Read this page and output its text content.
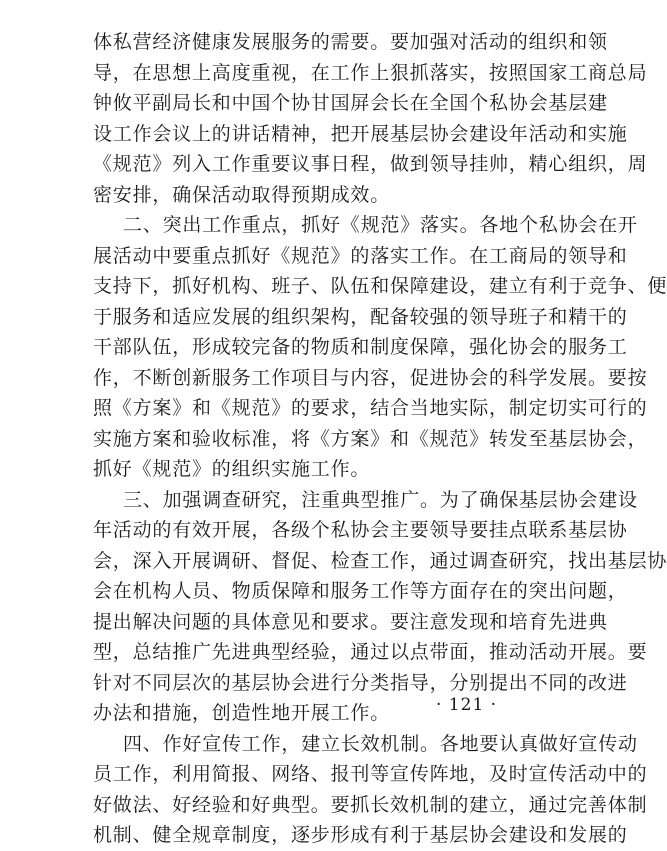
体私营经济健康发展服务的需要。要加强对活动的组织和领
导，在思想上高度重视，在工作上狠抓落实，按照国家工商总局
钟攸平副局长和中国个协甘国屏会长在全国个私协会基层建
设工作会议上的讲话精神，把开展基层协会建设年活动和实施
《规范》列入工作重要议事日程，做到领导挂帅，精心组织，周
密安排，确保活动取得预期成效。
二、突出工作重点，抓好《规范》落实。各地个私协会在开
展活动中要重点抓好《规范》的落实工作。在工商局的领导和
支持下，抓好机构、班子、队伍和保障建设，建立有利于竞争、便
于服务和适应发展的组织架构，配备较强的领导班子和精干的
干部队伍，形成较完备的物质和制度保障，强化协会的服务工
作，不断创新服务工作项目与内容，促进协会的科学发展。要按
照《方案》和《规范》的要求，结合当地实际，制定切实可行的
实施方案和验收标准，将《方案》和《规范》转发至基层协会，
抓好《规范》的组织实施工作。
三、加强调查研究，注重典型推广。为了确保基层协会建设
年活动的有效开展，各级个私协会主要领导要挂点联系基层协
会，深入开展调研、督促、检查工作，通过调查研究，找出基层协
会在机构人员、物质保障和服务工作等方面存在的突出问题，
提出解决问题的具体意见和要求。要注意发现和培育先进典
型，总结推广先进典型经验，通过以点带面，推动活动开展。要
针对不同层次的基层协会进行分类指导，分别提出不同的改进
办法和措施，创造性地开展工作。
四、作好宣传工作，建立长效机制。各地要认真做好宣传动
员工作，利用简报、网络、报刊等宣传阵地，及时宣传活动中的
好做法、好经验和好典型。要抓长效机制的建立，通过完善体制
机制、健全规章制度，逐步形成有利于基层协会建设和发展的
· 121 ·
